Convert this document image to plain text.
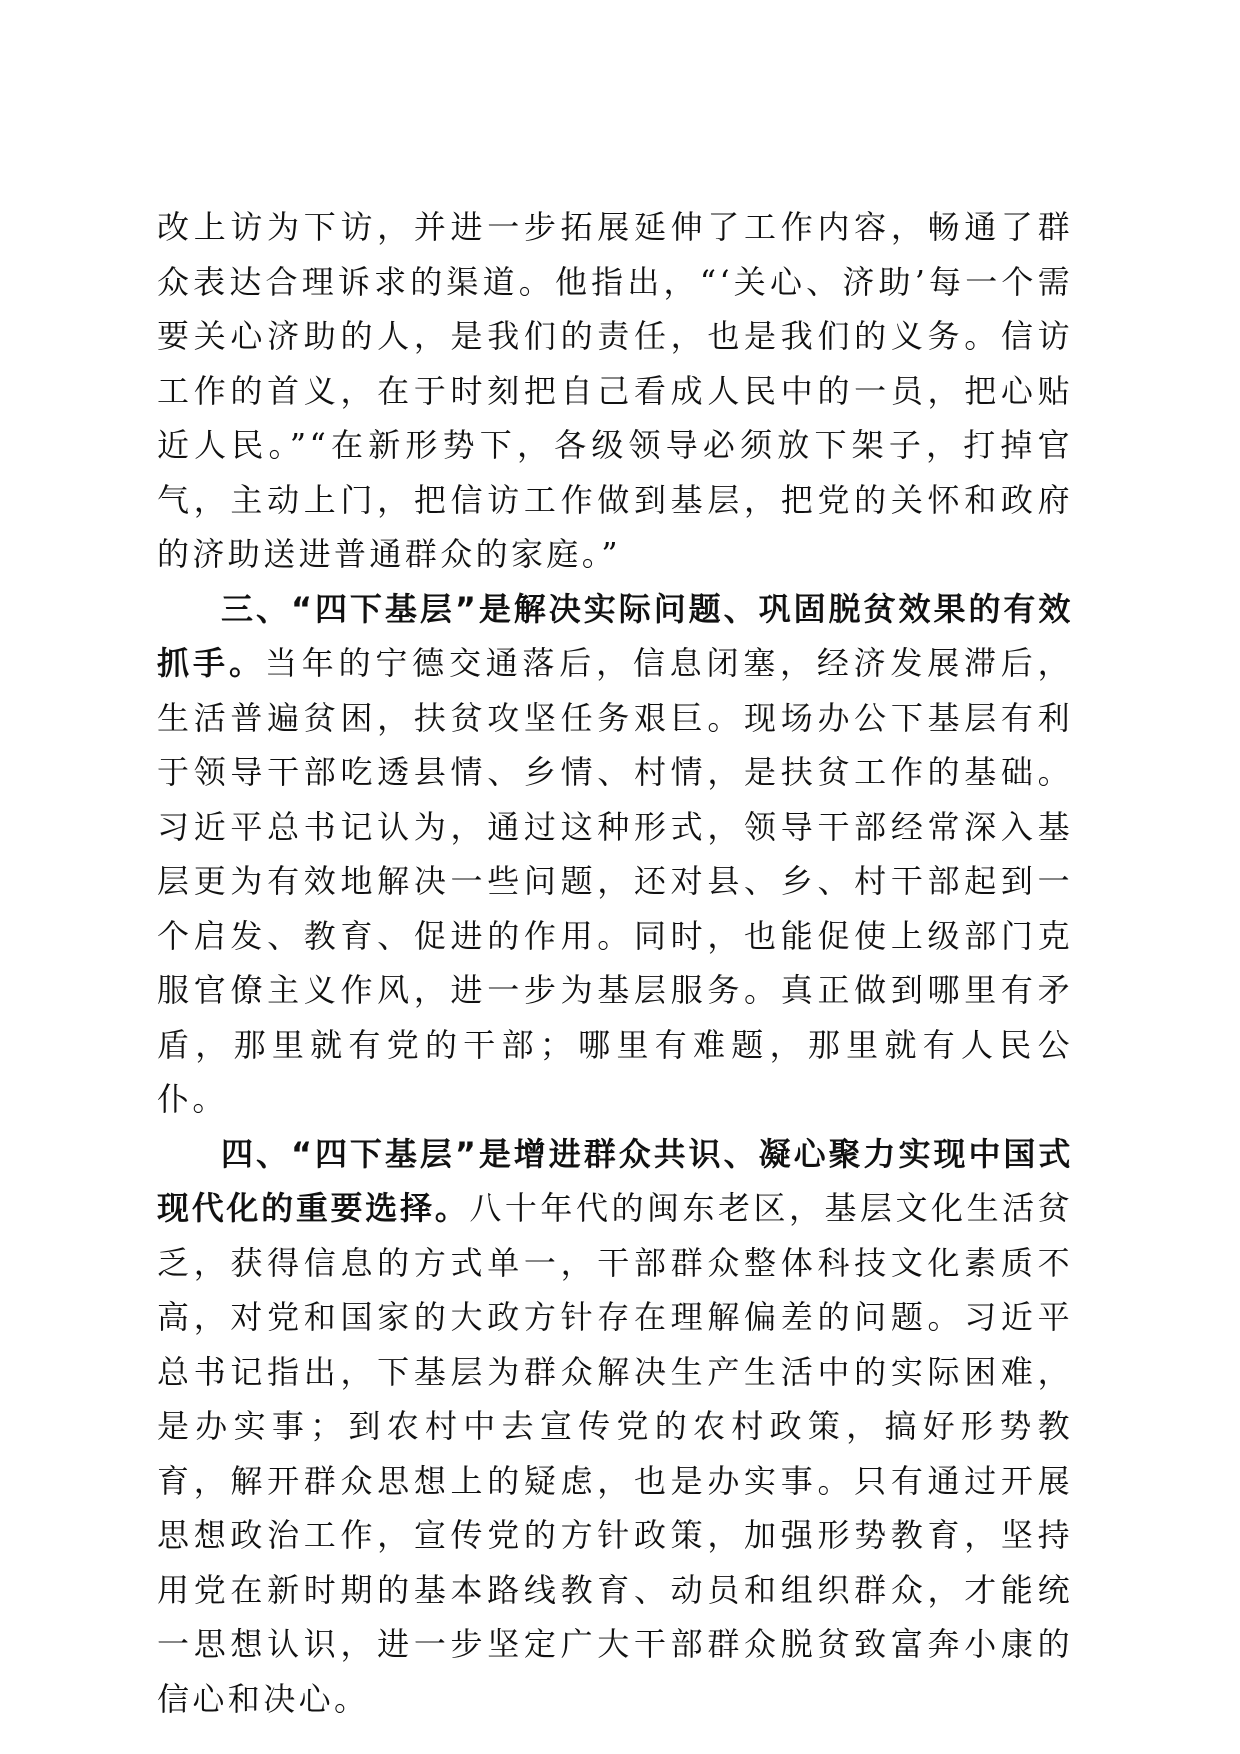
改上访为下访，并进一步拓展延伸了工作内容，畅通了群众表达合理诉求的渠道。他指出，“‘关心、济助’每一个需要关心济助的人，是我们的责任，也是我们的义务。信访工作的首义，在于时刻把自己看成人民中的一员，把心贴近人民。”“在新形势下，各级领导必须放下架子，打掉官气，主动上门，把信访工作做到基层，把党的关怀和政府的济助送进普通群众的家庭。”

三、“四下基层”是解决实际问题、巩固脱贫效果的有效抓手。当年的宁德交通落后，信息闭塞，经济发展滞后，生活普遍贫困，扶贫攻坚任务艰巨。现场办公下基层有利于领导干部吃透县情、乡情、村情，是扶贫工作的基础。习近平总书记认为，通过这种形式，领导干部经常深入基层更为有效地解决一些问题，还对县、乡、村干部起到一个启发、教育、促进的作用。同时，也能促使上级部门克服官僚主义作风，进一步为基层服务。真正做到哪里有矛盾，那里就有党的干部；哪里有难题，那里就有人民公仆。

四、“四下基层”是增进群众共识、凝心聚力实现中国式现代化的重要选择。八十年代的闽东老区，基层文化生活贫乏，获得信息的方式单一，干部群众整体科技文化素质不高，对党和国家的大政方针存在理解偏差的问题。习近平总书记指出，下基层为群众解决生产生活中的实际困难，是办实事；到农村中去宣传党的农村政策，搞好形势教育，解开群众思想上的疑虑，也是办实事。只有通过开展思想政治工作，宣传党的方针政策，加强形势教育，坚持用党在新时期的基本路线教育、动员和组织群众，才能统一思想认识，进一步坚定广大干部群众脱贫致富奔小康的信心和决心。
